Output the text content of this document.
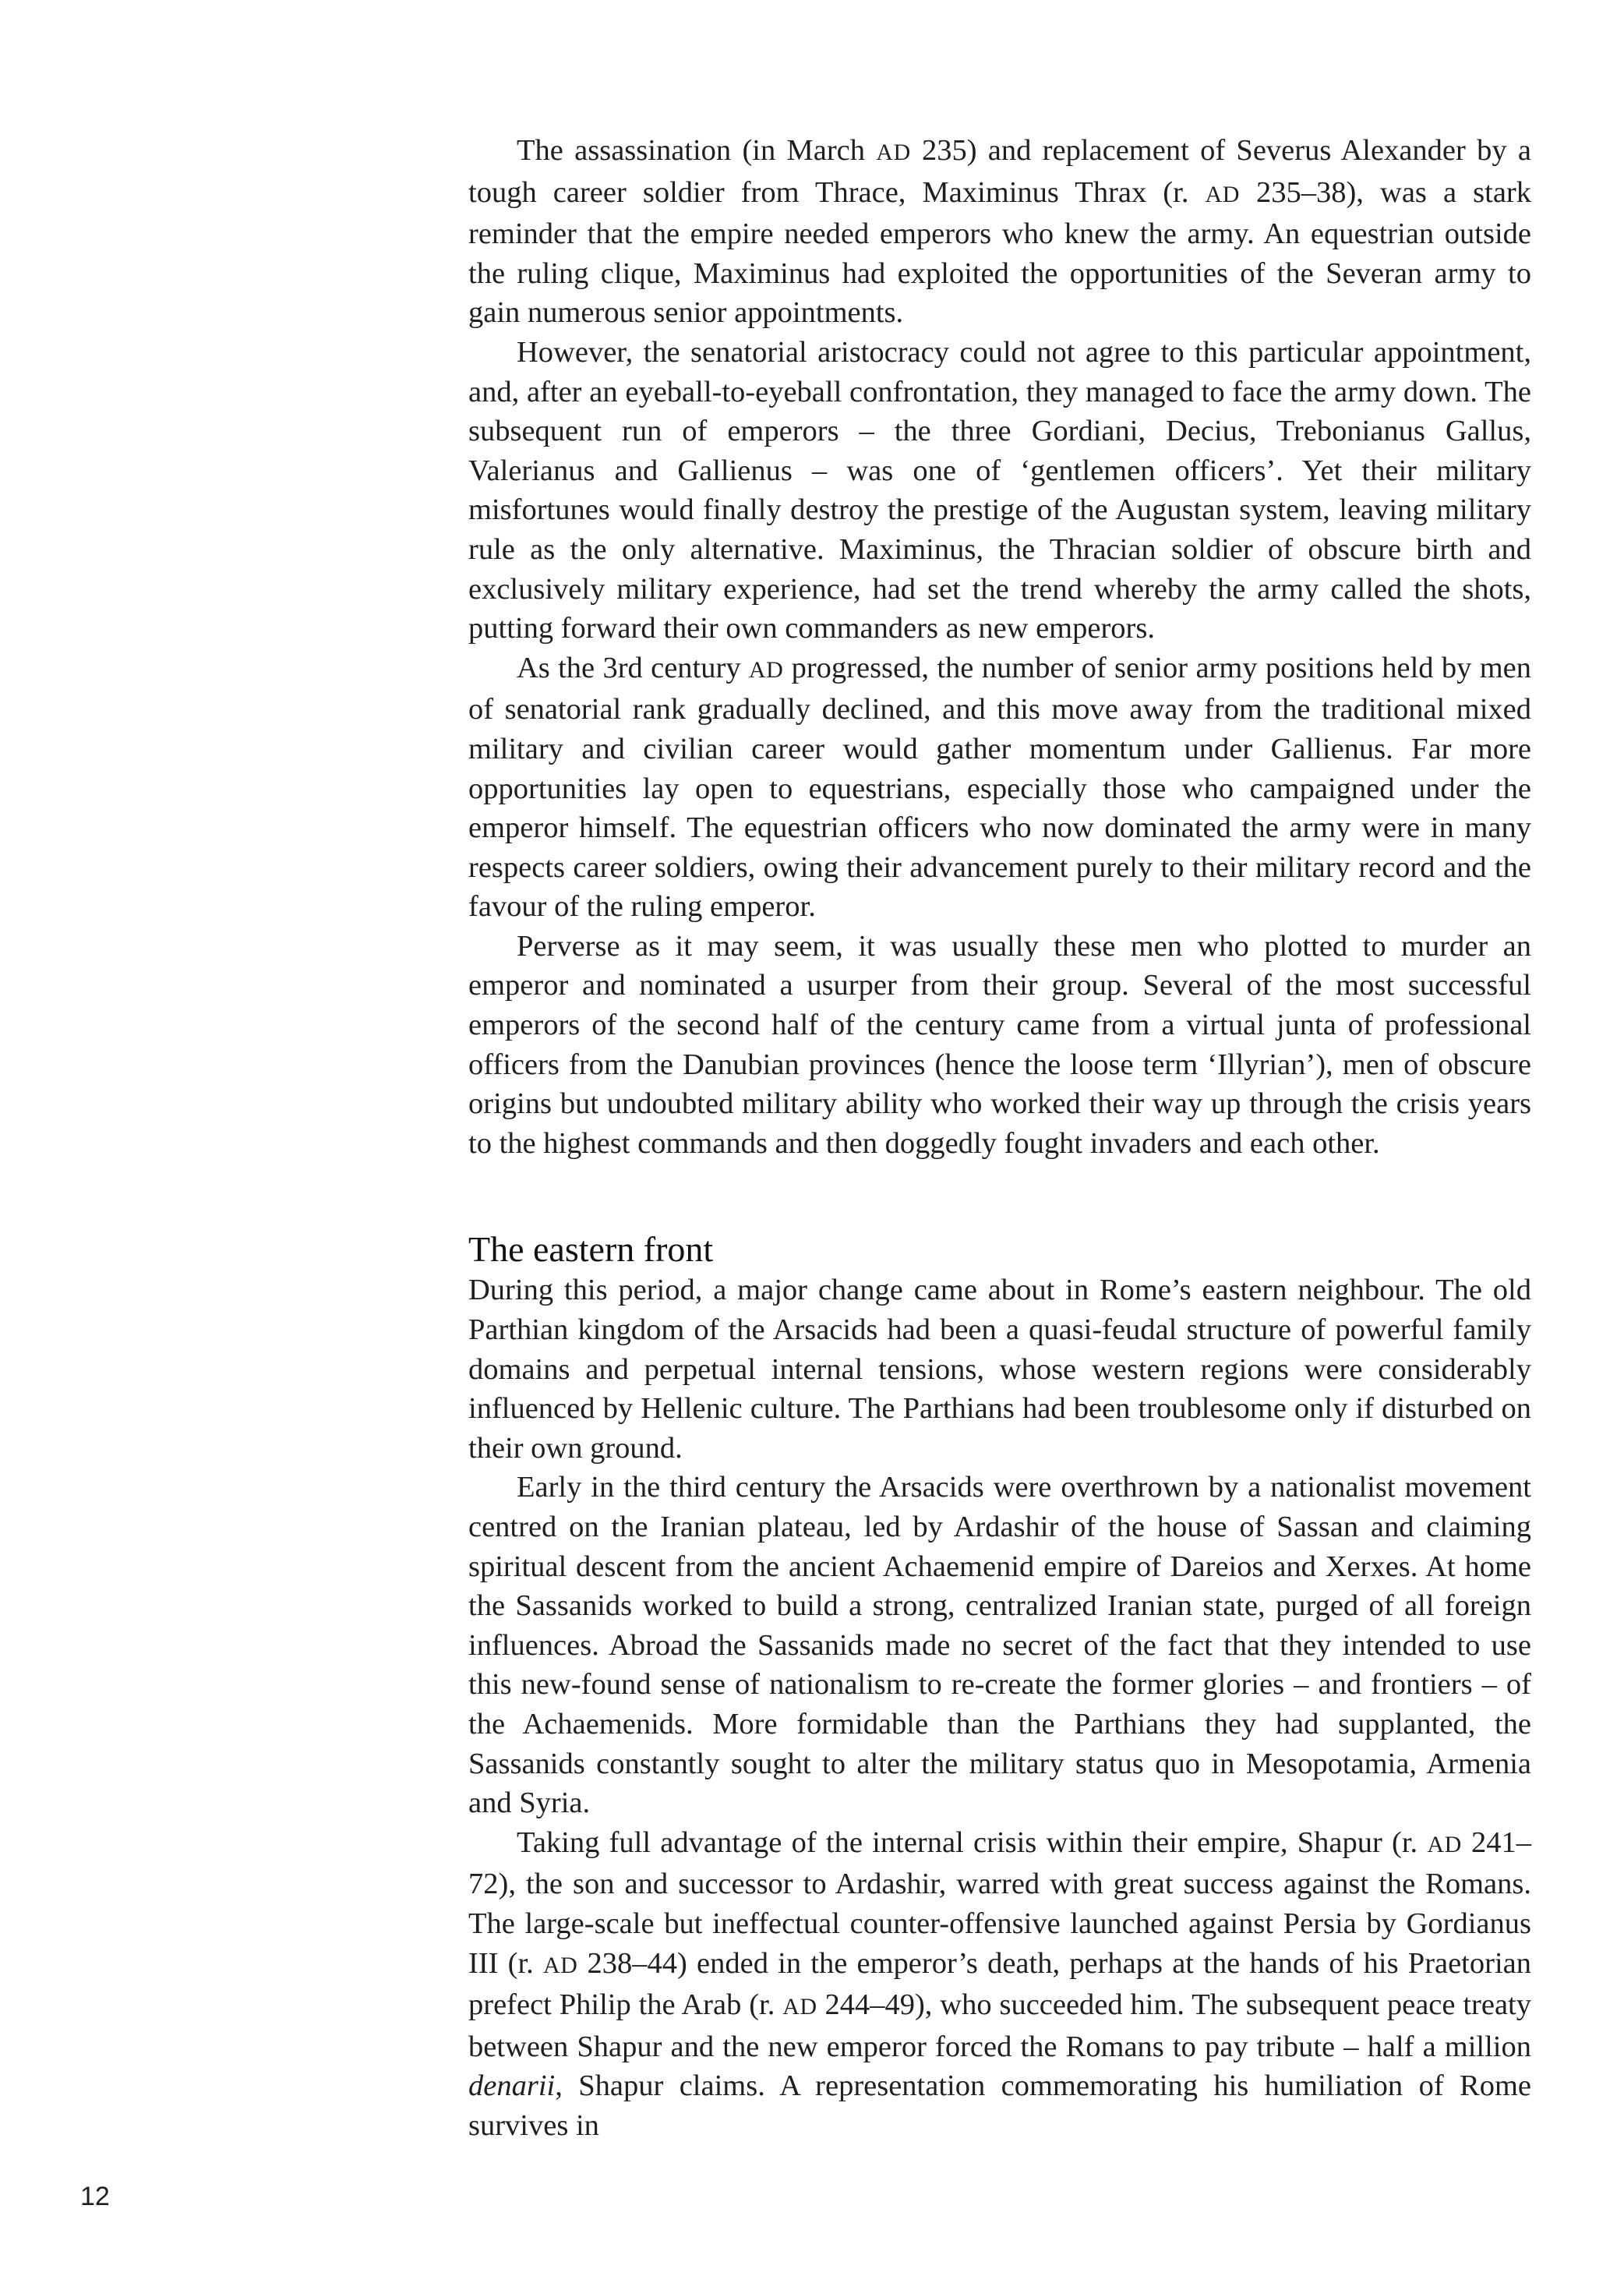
The assassination (in March AD 235) and replacement of Severus Alexander by a tough career soldier from Thrace, Maximinus Thrax (r. AD 235–38), was a stark reminder that the empire needed emperors who knew the army. An equestrian outside the ruling clique, Maximinus had exploited the opportunities of the Severan army to gain numerous senior appointments.

However, the senatorial aristocracy could not agree to this particular appointment, and, after an eyeball-to-eyeball confrontation, they managed to face the army down. The subsequent run of emperors – the three Gordiani, Decius, Trebonianus Gallus, Valerianus and Gallienus – was one of ‘gentlemen officers’. Yet their military misfortunes would finally destroy the prestige of the Augustan system, leaving military rule as the only alternative. Maximinus, the Thracian soldier of obscure birth and exclusively military experience, had set the trend whereby the army called the shots, putting forward their own commanders as new emperors.

As the 3rd century AD progressed, the number of senior army positions held by men of senatorial rank gradually declined, and this move away from the traditional mixed military and civilian career would gather momentum under Gallienus. Far more opportunities lay open to equestrians, especially those who campaigned under the emperor himself. The equestrian officers who now dominated the army were in many respects career soldiers, owing their advancement purely to their military record and the favour of the ruling emperor.

Perverse as it may seem, it was usually these men who plotted to murder an emperor and nominated a usurper from their group. Several of the most successful emperors of the second half of the century came from a virtual junta of professional officers from the Danubian provinces (hence the loose term ‘Illyrian’), men of obscure origins but undoubted military ability who worked their way up through the crisis years to the highest commands and then doggedly fought invaders and each other.

The eastern front

During this period, a major change came about in Rome’s eastern neighbour. The old Parthian kingdom of the Arsacids had been a quasi-feudal structure of powerful family domains and perpetual internal tensions, whose western regions were considerably influenced by Hellenic culture. The Parthians had been troublesome only if disturbed on their own ground.

Early in the third century the Arsacids were overthrown by a nationalist movement centred on the Iranian plateau, led by Ardashir of the house of Sassan and claiming spiritual descent from the ancient Achaemenid empire of Dareios and Xerxes. At home the Sassanids worked to build a strong, centralized Iranian state, purged of all foreign influences. Abroad the Sassanids made no secret of the fact that they intended to use this new-found sense of nationalism to re-create the former glories – and frontiers – of the Achaemenids. More formidable than the Parthians they had supplanted, the Sassanids constantly sought to alter the military status quo in Mesopotamia, Armenia and Syria.

Taking full advantage of the internal crisis within their empire, Shapur (r. AD 241–72), the son and successor to Ardashir, warred with great success against the Romans. The large-scale but ineffectual counter-offensive launched against Persia by Gordianus III (r. AD 238–44) ended in the emperor’s death, perhaps at the hands of his Praetorian prefect Philip the Arab (r. AD 244–49), who succeeded him. The subsequent peace treaty between Shapur and the new emperor forced the Romans to pay tribute – half a million denarii, Shapur claims. A representation commemorating his humiliation of Rome survives in

12
